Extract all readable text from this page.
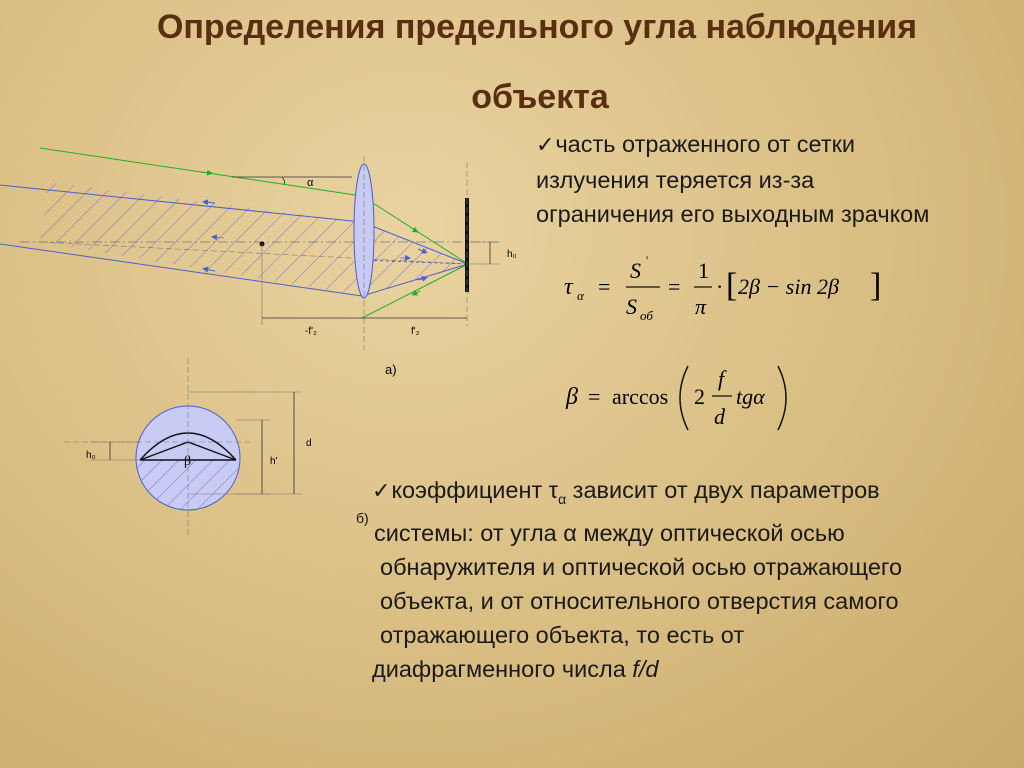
Определения предельного угла наблюдения
объекта
✓часть отраженного от сетки
излучения теряется из-за
ограничения его выходным зрачком
τ α =
S '
S об
=
1
π
· [ 2β − sin 2β ]
β = arccos 2
f
d
tgα
✓коэффициент $\tau_\alpha$ зависит от двух параметров
системы: от угла α между оптической осью
обнаружителя и оптической осью отражающего
объекта, и от относительного отверстия самого
отражающего объекта, то есть от
диафрагменного числа f/d
б)
α
h₀
-f'₂	f'₂
а)
β
h₀
h'
d
